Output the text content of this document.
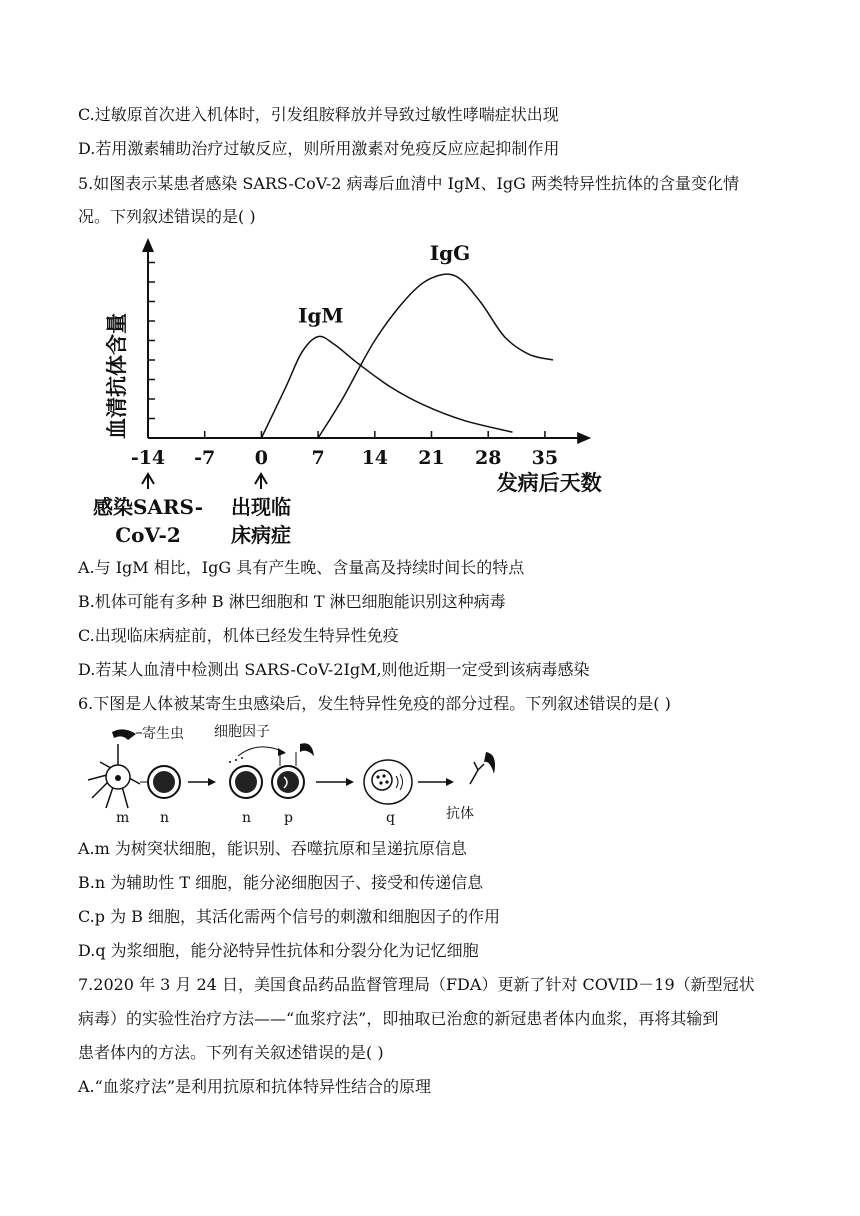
C.过敏原首次进入机体时，引发组胺释放并导致过敏性哮喘症状出现
D.若用激素辅助治疗过敏反应，则所用激素对免疫反应应起抑制作用
5.如图表示某患者感染 SARS-CoV-2 病毒后血清中 IgM、IgG 两类特异性抗体的含量变化情
况。下列叙述错误的是( )
-14 -7 0 7 14 21 28 35
血清抗体含量
发病后天数
IgM
IgG
感染SARS-
CoV-2
出现临
床病症
A.与 IgM 相比，IgG 具有产生晚、含量高及持续时间长的特点
B.机体可能有多种 B 淋巴细胞和 T 淋巴细胞能识别这种病毒
C.出现临床病症前，机体已经发生特异性免疫
D.若某人血清中检测出 SARS-CoV-2IgM,则他近期一定受到该病毒感染
6.下图是人体被某寄生虫感染后，发生特异性免疫的部分过程。下列叙述错误的是( )
寄生虫
m n
细胞因子
n p	q	抗体
A.m 为树突状细胞，能识别、吞噬抗原和呈递抗原信息
B.n 为辅助性 T 细胞，能分泌细胞因子、接受和传递信息
C.p 为 B 细胞，其活化需两个信号的刺激和细胞因子的作用
D.q 为浆细胞，能分泌特异性抗体和分裂分化为记忆细胞
7.2020 年 3 月 24 日，美国食品药品监督管理局（FDA）更新了针对 COVID－19（新型冠状
病毒）的实验性治疗方法——“血浆疗法”，即抽取已治愈的新冠患者体内血浆，再将其输到
患者体内的方法。下列有关叙述错误的是( )
A.“血浆疗法”是利用抗原和抗体特异性结合的原理
